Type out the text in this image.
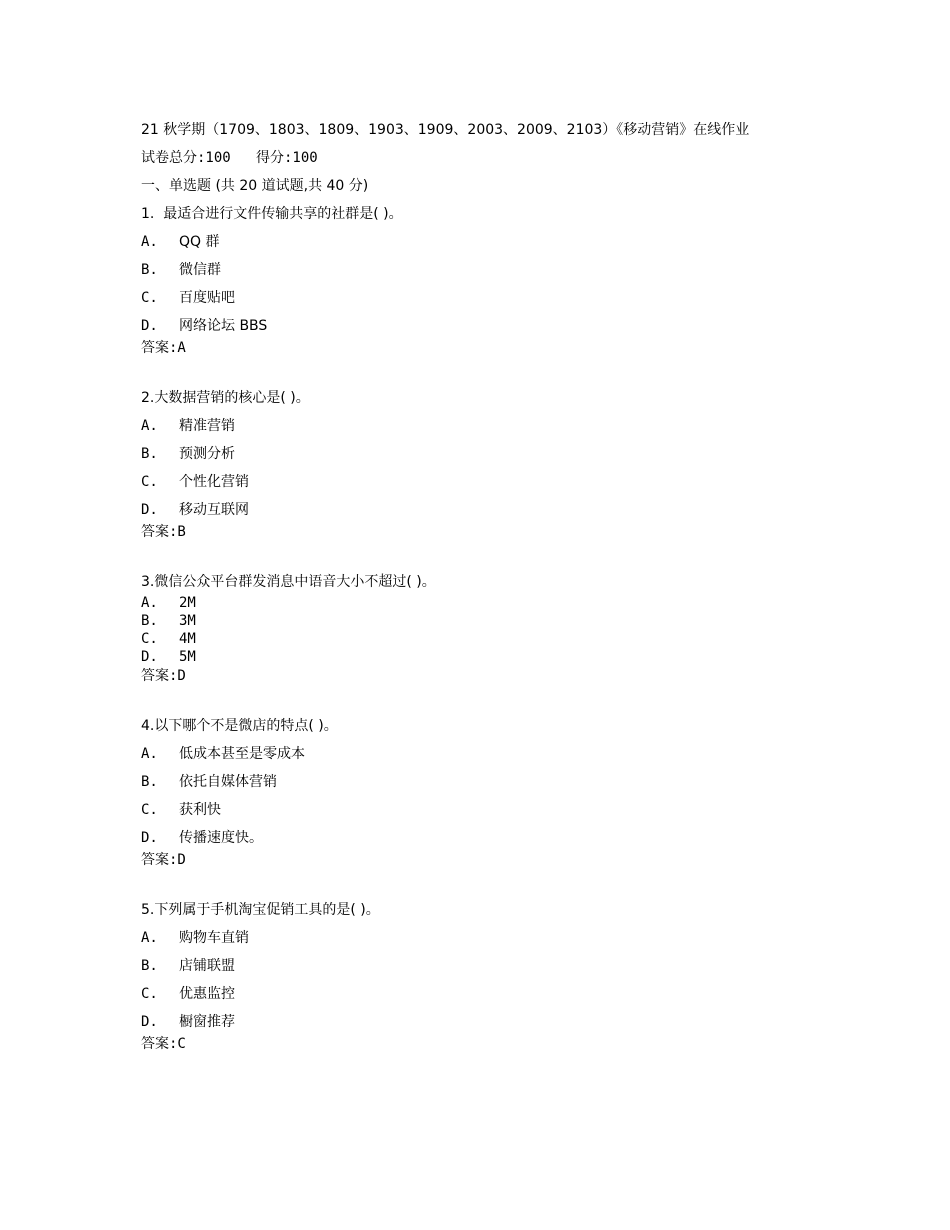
21 秋学期（1709、1803、1809、1903、1909、2003、2009、2103）《移动营销》在线作业

试卷总分:100   得分:100

一、单选题 (共 20 道试题,共 40 分)

1.  最适合进行文件传输共享的社群是( )。

A.	QQ 群
B.	微信群
C.	百度贴吧
D.	网络论坛 BBS

答案:A

2.大数据营销的核心是( )。

A.	精准营销
B.	预测分析
C.	个性化营销
D.	移动互联网

答案:B

3.微信公众平台群发消息中语音大小不超过( )。

A.	2M
B.	3M
C.	4M
D.	5M

答案:D

4.以下哪个不是微店的特点( )。

A.	低成本甚至是零成本
B.	依托自媒体营销
C.	获利快
D.	传播速度快。

答案:D

5.下列属于手机淘宝促销工具的是( )。

A.	购物车直销
B.	店铺联盟
C.	优惠监控
D.	橱窗推荐

答案:C
